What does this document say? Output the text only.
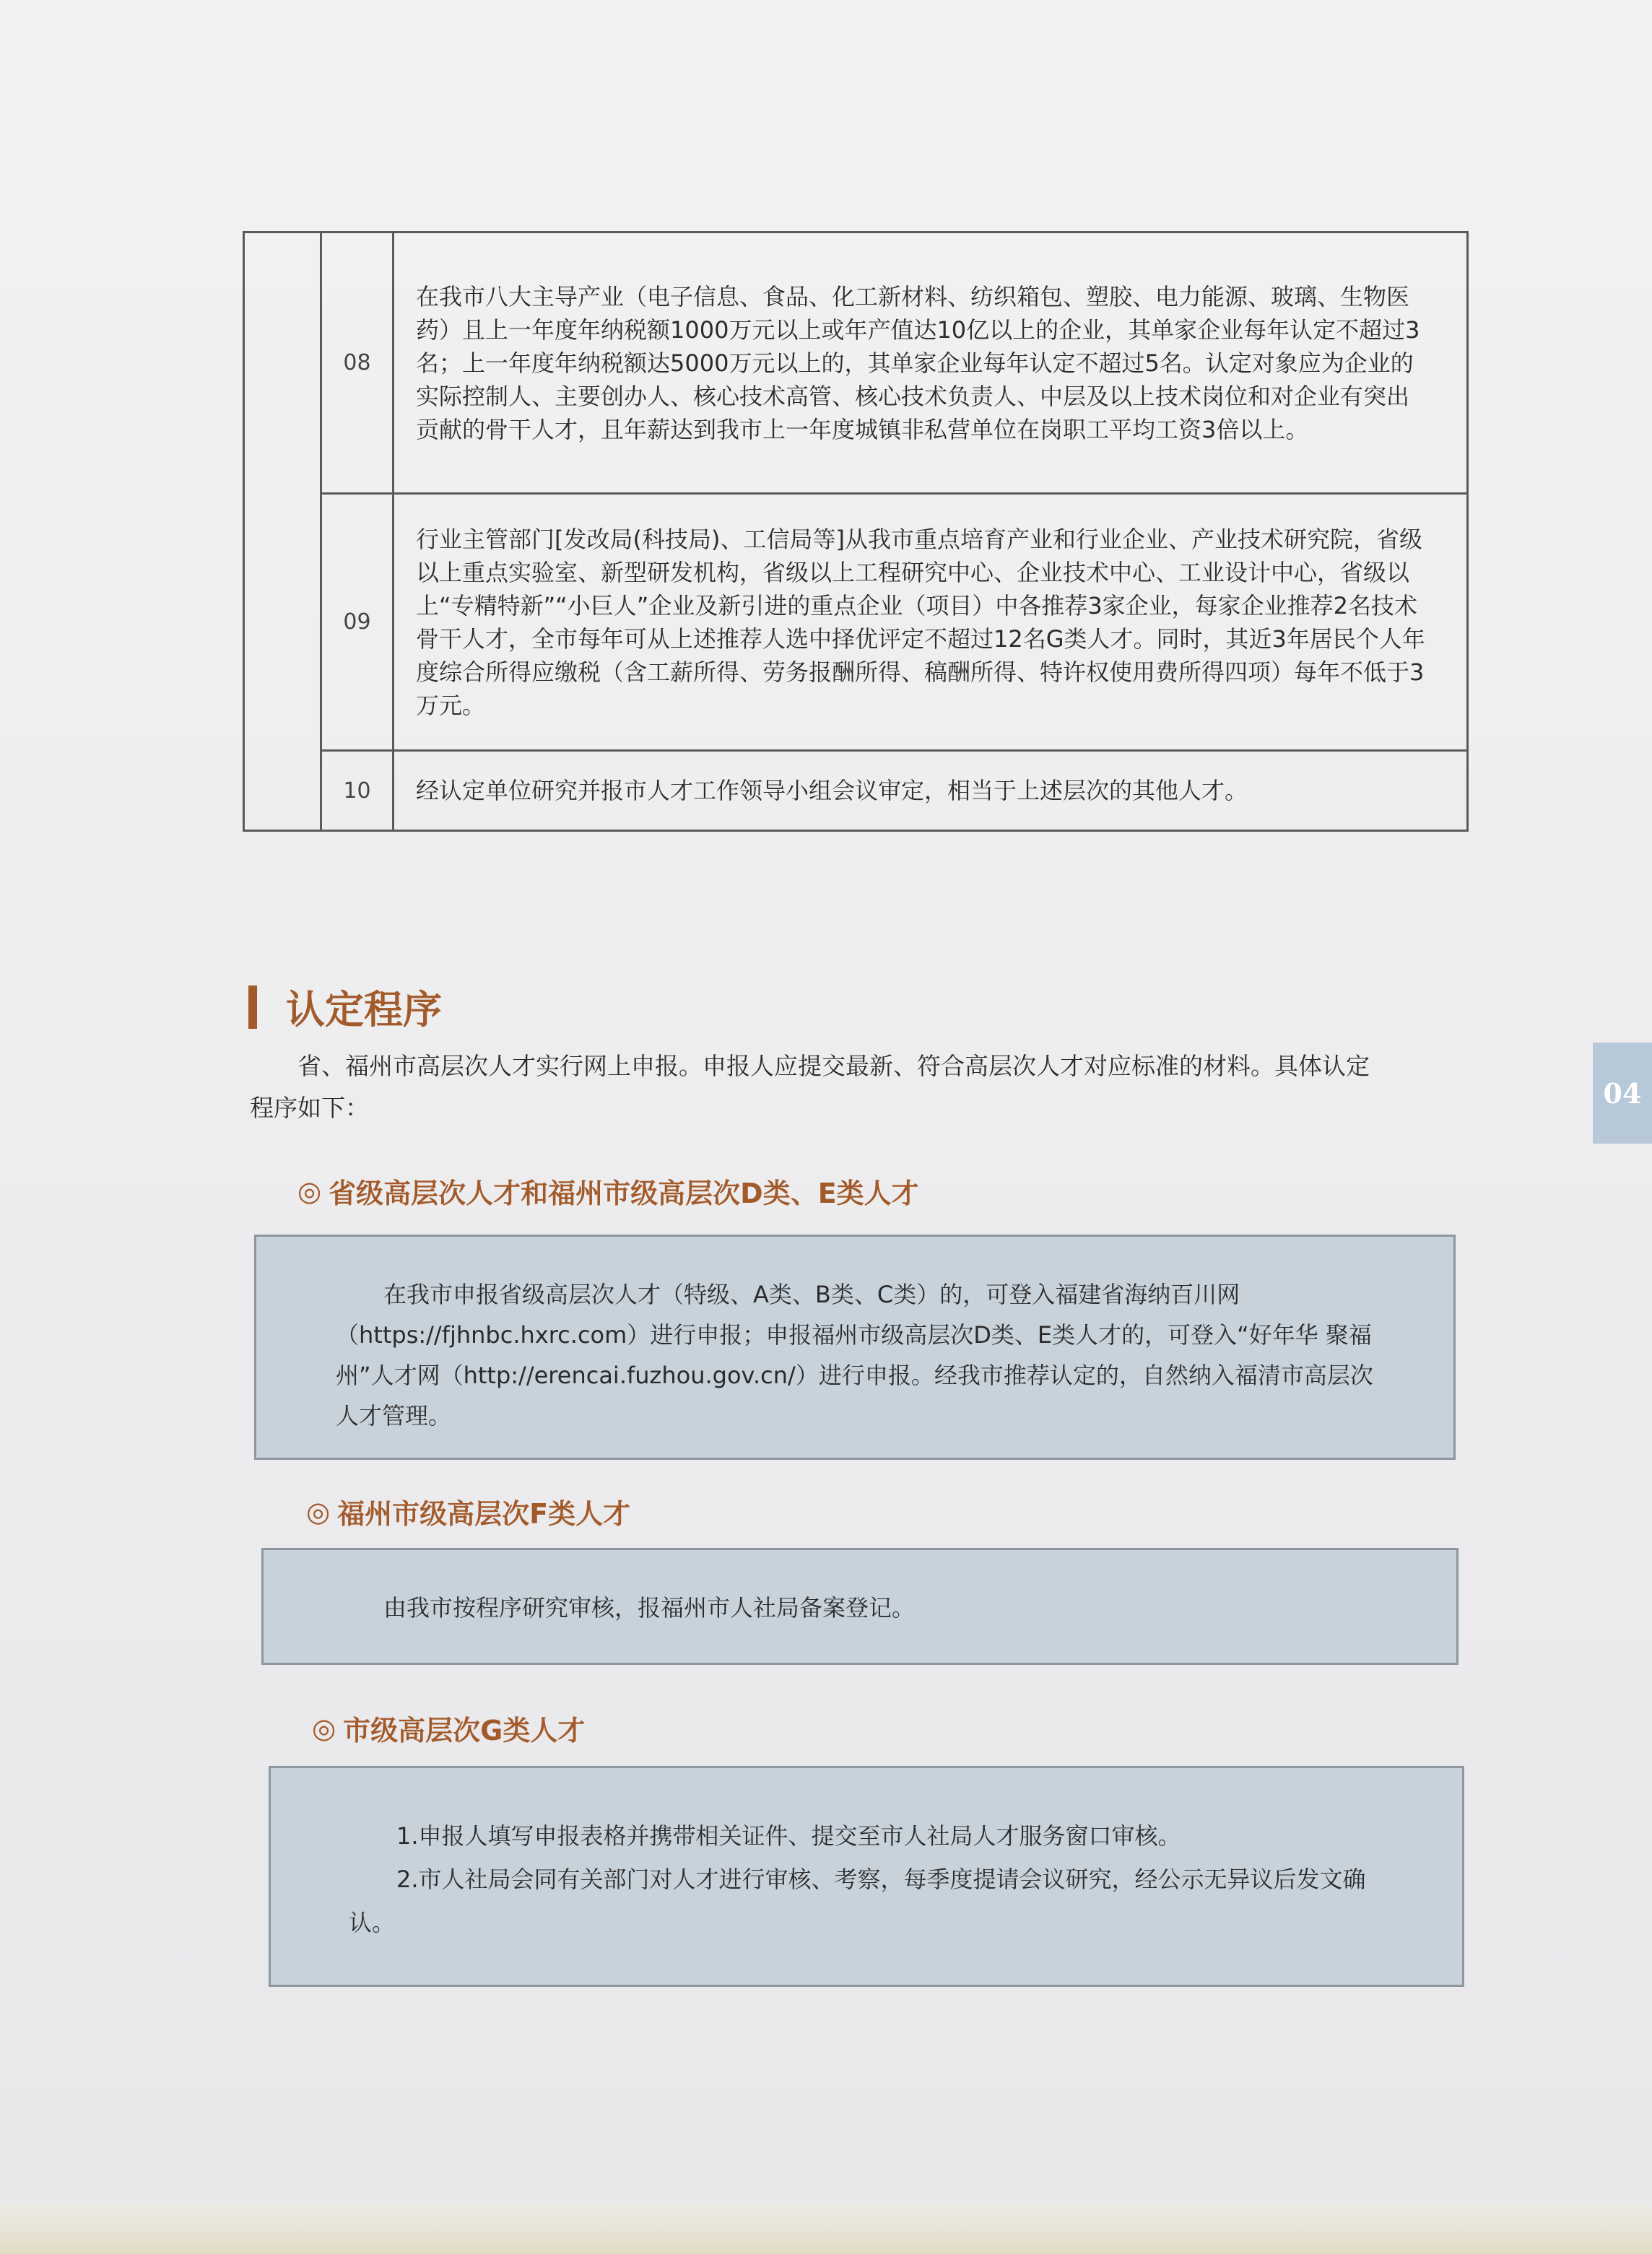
08
在我市八大主导产业（电子信息、食品、化工新材料、纺织箱包、塑胶、电力能源、玻璃、生物医药）且上一年度年纳税额1000万元以上或年产值达10亿以上的企业，其单家企业每年认定不超过3名；上一年度年纳税额达5000万元以上的，其单家企业每年认定不超过5名。认定对象应为企业的实际控制人、主要创办人、核心技术高管、核心技术负责人、中层及以上技术岗位和对企业有突出贡献的骨干人才，且年薪达到我市上一年度城镇非私营单位在岗职工平均工资3倍以上。
09
行业主管部门[发改局(科技局)、工信局等]从我市重点培育产业和行业企业、产业技术研究院，省级以上重点实验室、新型研发机构，省级以上工程研究中心、企业技术中心、工业设计中心，省级以上“专精特新”“小巨人”企业及新引进的重点企业（项目）中各推荐3家企业，每家企业推荐2名技术骨干人才，全市每年可从上述推荐人选中择优评定不超过12名G类人才。同时，其近3年居民个人年度综合所得应缴税（含工薪所得、劳务报酬所得、稿酬所得、特许权使用费所得四项）每年不低于3万元。
10	经认定单位研究并报市人才工作领导小组会议审定，相当于上述层次的其他人才。
认定程序
省、福州市高层次人才实行网上申报。申报人应提交最新、符合高层次人才对应标准的材料。具体认定程序如下：
◎ 省级高层次人才和福州市级高层次D类、E类人才
在我市申报省级高层次人才（特级、A类、B类、C类）的，可登入福建省海纳百川网（https://fjhnbc.hxrc.com）进行申报；申报福州市级高层次D类、E类人才的，可登入“好年华 聚福州”人才网（http://erencai.fuzhou.gov.cn/）进行申报。经我市推荐认定的，自然纳入福清市高层次人才管理。
◎ 福州市级高层次F类人才
由我市按程序研究审核，报福州市人社局备案登记。
◎ 市级高层次G类人才
1.申报人填写申报表格并携带相关证件、提交至市人社局人才服务窗口审核。
2.市人社局会同有关部门对人才进行审核、考察，每季度提请会议研究，经公示无异议后发文确认。
04
